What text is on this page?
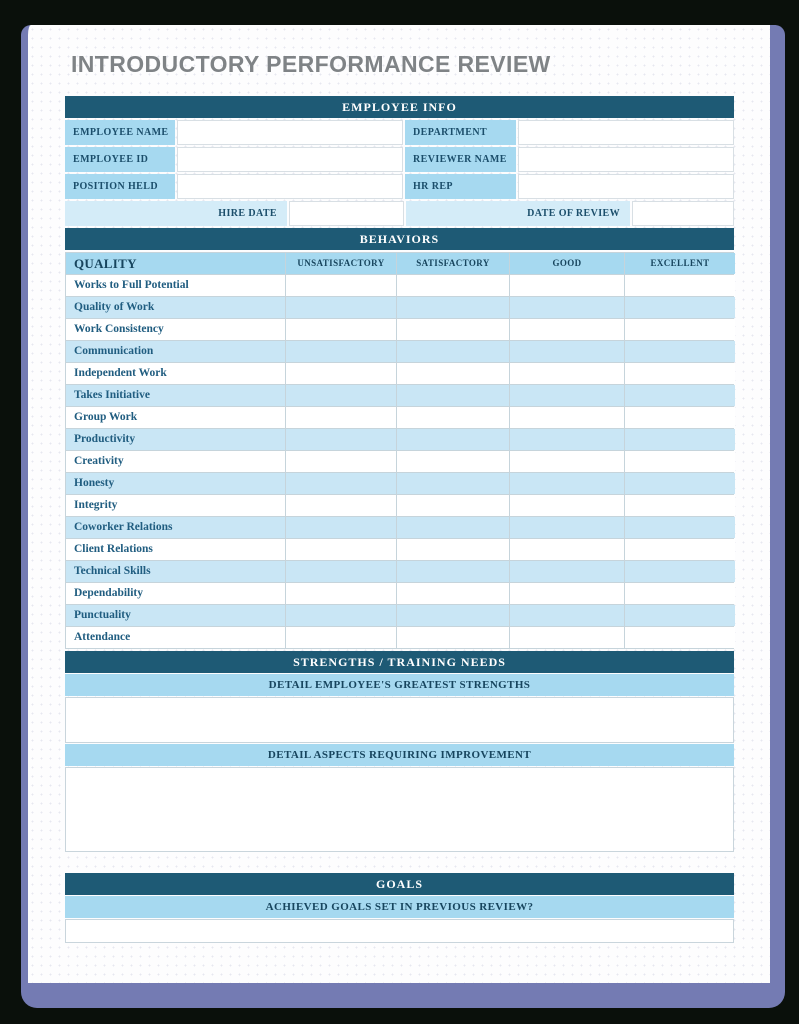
INTRODUCTORY PERFORMANCE REVIEW
EMPLOYEE INFO
EMPLOYEE NAME	DEPARTMENT
EMPLOYEE ID	REVIEWER NAME
POSITION HELD	HR REP
HIRE DATE	DATE OF REVIEW
BEHAVIORS
QUALITY	UNSATISFACTORY	SATISFACTORY	GOOD	EXCELLENT
Works to Full Potential
Quality of Work
Work Consistency
Communication
Independent Work
Takes Initiative
Group Work
Productivity
Creativity
Honesty
Integrity
Coworker Relations
Client Relations
Technical Skills
Dependability
Punctuality
Attendance
STRENGTHS / TRAINING NEEDS
DETAIL EMPLOYEE'S GREATEST STRENGTHS
DETAIL ASPECTS REQUIRING IMPROVEMENT
GOALS
ACHIEVED GOALS SET IN PREVIOUS REVIEW?
